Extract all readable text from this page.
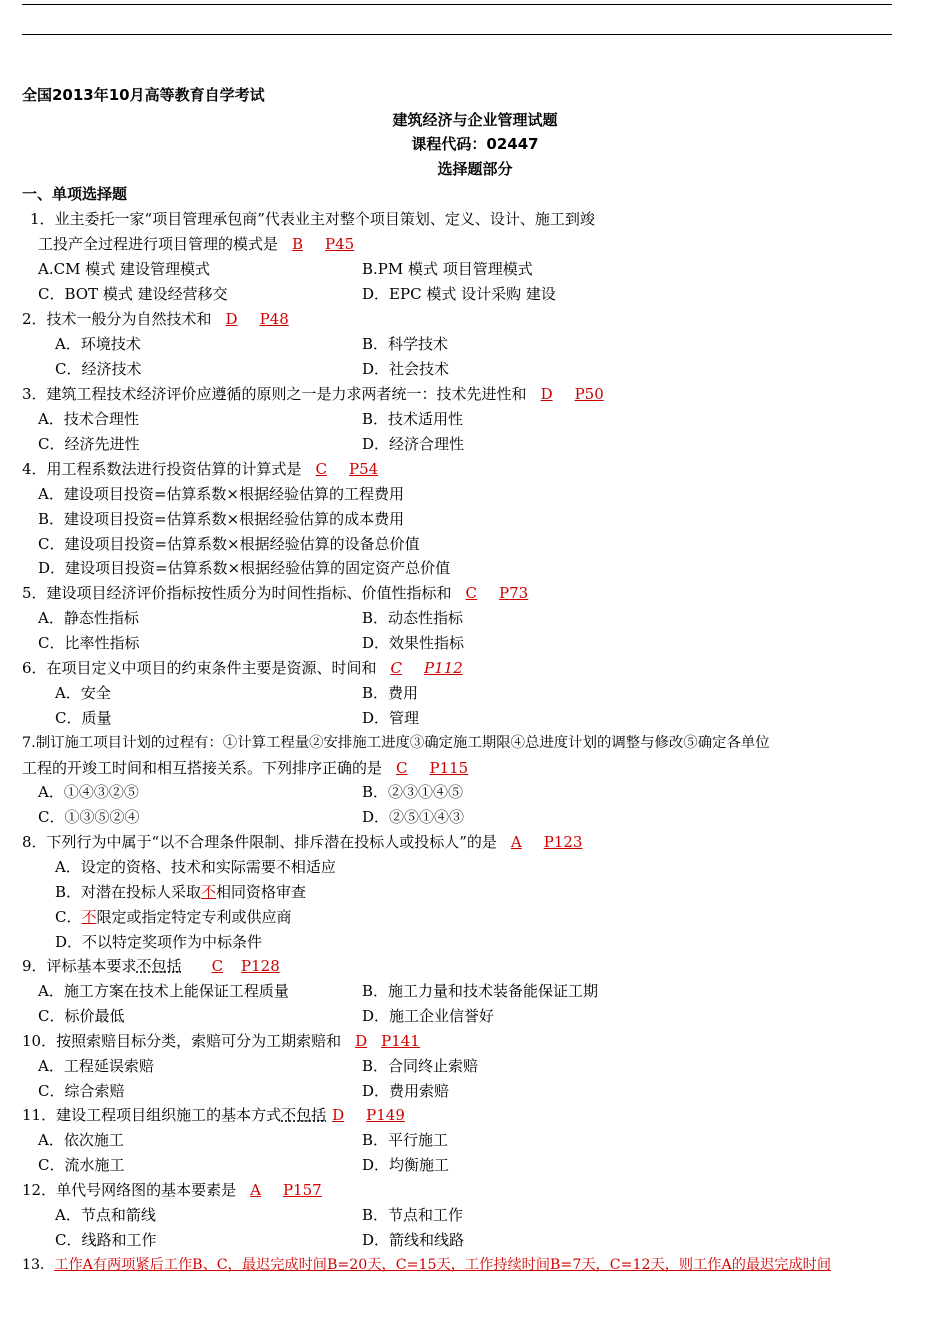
全国2013年10月高等教育自学考试
建筑经济与企业管理试题
课程代码：02447
选择题部分
一、单项选择题
1．业主委托一家“项目管理承包商”代表业主对整个项目策划、定义、设计、施工到竣
工投产全过程进行项目管理的模式是 B P45
A.CM 模式 建设管理模式	B.PM 模式 项目管理模式
C．BOT 模式 建设经营移交	D．EPC 模式 设计采购 建设
2．技术一般分为自然技术和 D P48
A．环境技术	B．科学技术
C．经济技术	D．社会技术
3．建筑工程技术经济评价应遵循的原则之一是力求两者统一：技术先进性和 D P50
A．技术合理性	B．技术适用性
C．经济先进性	D．经济合理性
4．用工程系数法进行投资估算的计算式是 C P54
A．建设项目投资=估算系数×根据经验估算的工程费用
B．建设项目投资=估算系数×根据经验估算的成本费用
C．建设项目投资=估算系数×根据经验估算的设备总价值
D．建设项目投资=估算系数×根据经验估算的固定资产总价值
5．建设项目经济评价指标按性质分为时间性指标、价值性指标和 C P73
A．静态性指标	B．动态性指标
C．比率性指标	D．效果性指标
6．在项目定义中项目的约束条件主要是资源、时间和 C P112
A．安全	B．费用
C．质量	D．管理
7.制订施工项目计划的过程有：①计算工程量②安排施工进度③确定施工期限④总进度计划的调整与修改⑤确定各单位
工程的开竣工时间和相互搭接关系。下列排序正确的是 C P115
A．①④③②⑤	B．②③①④⑤
C．①③⑤②④	D．②⑤①④③
8．下列行为中属于“以不合理条件限制、排斥潜在投标人或投标人”的是 A P123
A．设定的资格、技术和实际需要不相适应
B．对潜在投标人采取不相同资格审查
C．不限定或指定特定专利或供应商
D．不以特定奖项作为中标条件
9．评标基本要求不包括 C P128
A．施工方案在技术上能保证工程质量	B．施工力量和技术装备能保证工期
C．标价最低	D．施工企业信誉好
10．按照索赔目标分类，索赔可分为工期索赔和 D P141
A．工程延误索赔	B．合同终止索赔
C．综合索赔	D．费用索赔
11．建设工程项目组织施工的基本方式不包括 D P149
A．依次施工	B．平行施工
C．流水施工	D．均衡施工
12．单代号网络图的基本要素是 A P157
A．节点和箭线	B．节点和工作
C．线路和工作	D．箭线和线路
13．工作A有两项紧后工作B、C，最迟完成时间B=20天，C=15天，工作持续时间B=7天，C=12天，则工作A的最迟完成时间
